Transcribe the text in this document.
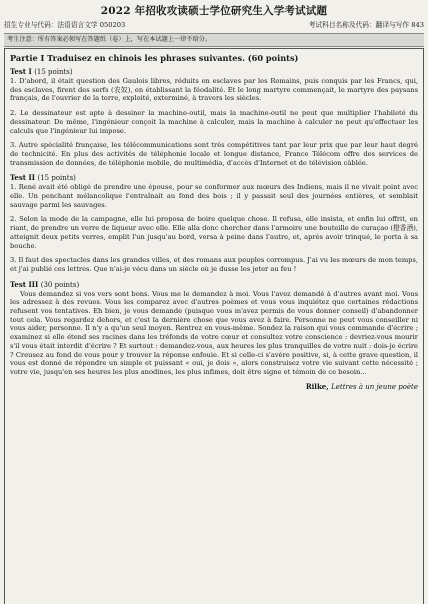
2022 年招收攻读硕士学位研究生入学考试试题
招生专业与代码：法语语言文学 050203	考试科目名称及代码：翻译与写作 843
考生注意：所有答案必须写在答题纸（卷）上，写在本试题上一律不给分。
Partie I Traduisez en chinois les phrases suivantes. (60 points)
Test I (15 points)

1. D'abord, il était question des Gaulois libres, réduits en esclaves par les Romains, puis conquis par les Francs, qui, des esclaves, firent des serfs (农奴), en établissant la féodalité. Et le long martyre commençait, le martyre des paysans français, de l'ouvrier de la terre, exploité, exterminé, à travers les siècles.

2. Le dessinateur est apte à dessiner la machine-outil, mais la machine-outil ne peut que multiplier l'habileté du dessinateur. De même, l'ingénieur conçoit la machine à calculer, mais la machine à calculer ne peut qu'effectuer les calculs que l'ingénieur lui impose.

3. Autre spécialité française, les télécommunications sont très compétitives tant par leur prix que par leur haut degré de technicité. En plus des activités de téléphonie locale et longue distance, France Télécom offre des services de transmission de données, de téléphonie mobile, de multimédia, d'accès d'Internet et de télévision câblée.

Test II (15 points)

1. René avait été obligé de prendre une épouse, pour se conformer aux mœurs des Indiens, mais il ne vivait point avec elle. Un penchant mélancolique l'entraînait au fond des bois ; il y passait seul des journées entières, et semblait sauvage parmi les sauvages.

2. Selon la mode de la campagne, elle lui proposa de boire quelque chose. Il refusa, elle insista, et enfin lui offrit, en riant, de prendre un verre de liqueur avec elle. Elle alla donc chercher dans l'armoire une bouteille de curaçao (橙香酒), atteignit deux petits verres, emplit l'un jusqu'au bord, versa à peine dans l'autre, et, après avoir trinqué, le porta à sa bouche.

3. Il faut des spectacles dans les grandes villes, et des romans aux peuples corrompus. J'ai vu les mœurs de mon temps, et j'ai publié ces lettres. Que n'ai-je vécu dans un siècle où je dusse les jeter au feu !

Test III (30 points)

Vous demandez si vos vers sont bons. Vous me le demandez à moi. Vous l'avez demandé à d'autres avant moi. Vous les adressez à des revues. Vous les comparez avec d'autres poèmes et vous vous inquiétez que certaines rédactions refusent vos tentatives. Eh bien, je vous demande (puisque vous m'avez permis de vous donner conseil) d'abandonner tout cela. Vous regardez dehors, et c'est la dernière chose que vous avez à faire. Personne ne peut vous conseiller ni vous aider, personne. Il n'y a qu'un seul moyen. Rentrez en vous-même. Sondez la raison qui vous commande d'écrire ; examinez si elle étend ses racines dans les tréfonds de votre cœur et consultez votre conscience : devriez-vous mourir s'il vous était interdit d'écrire ? Et surtout : demandez-vous, aux heures les plus tranquilles de votre nuit : dois-je écrire ? Creusez au fond de vous pour y trouver la réponse enfouie. Et si celle-ci s'avère positive, si, à cette grave question, il vous est donné de répondre un simple et puissant « oui, je dois », alors construisez votre vie suivant cette nécessité ; votre vie, jusqu'en ses heures les plus anodines, les plus infimes, doit être signe et témoin de ce besoin...

Rilke, Lettres à un jeune poète
